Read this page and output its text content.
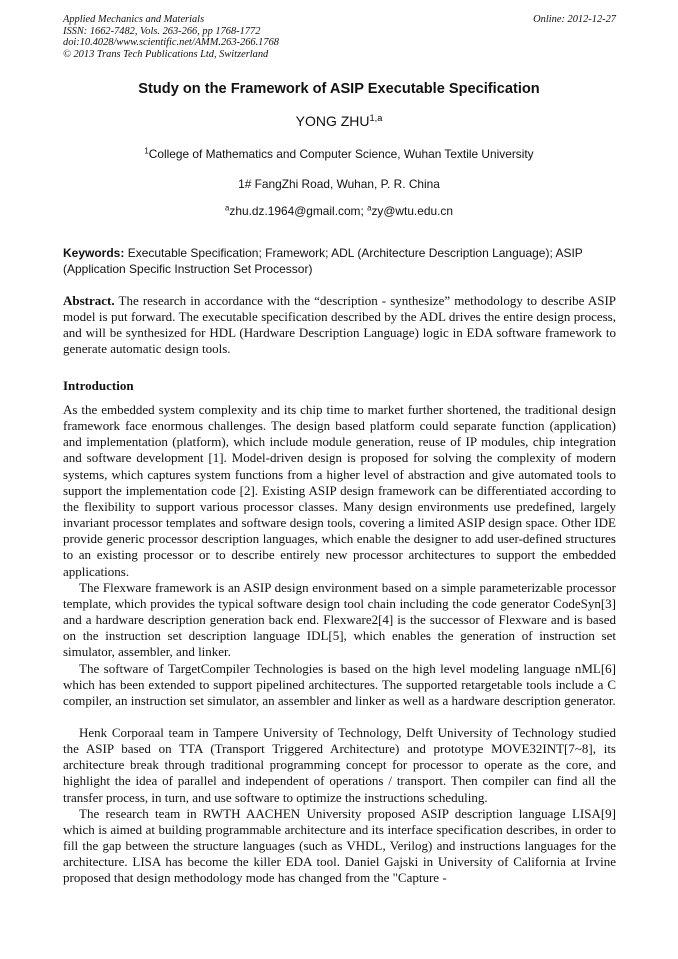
Applied Mechanics and Materials
ISSN: 1662-7482, Vols. 263-266, pp 1768-1772
doi:10.4028/www.scientific.net/AMM.263-266.1768
© 2013 Trans Tech Publications Ltd, Switzerland
Online: 2012-12-27
Study on the Framework of ASIP Executable Specification
YONG ZHU$^{1,a}$
$^1$College of Mathematics and Computer Science, Wuhan Textile University
1# FangZhi Road, Wuhan, P. R. China
$^a$zhu.dz.1964@gmail.com; $^a$zy@wtu.edu.cn
Keywords: Executable Specification; Framework; ADL (Architecture Description Language); ASIP (Application Specific Instruction Set Processor)

Abstract. The research in accordance with the “description - synthesize” methodology to describe ASIP model is put forward. The executable specification described by the ADL drives the entire design process, and will be synthesized for HDL (Hardware Description Language) logic in EDA software framework to generate automatic design tools.

Introduction

As the embedded system complexity and its chip time to market further shortened, the traditional design framework face enormous challenges. The design based platform could separate function (application) and implementation (platform), which include module generation, reuse of IP modules, chip integration and software development [1]. Model-driven design is proposed for solving the complexity of modern systems, which captures system functions from a higher level of abstraction and give automated tools to support the implementation code [2]. Existing ASIP design framework can be differentiated according to the flexibility to support various processor classes. Many design environments use predefined, largely invariant processor templates and software design tools, covering a limited ASIP design space. Other IDE provide generic processor description languages, which enable the designer to add user-defined structures to an existing processor or to describe entirely new processor architectures to support the embedded applications.

The Flexware framework is an ASIP design environment based on a simple parameterizable processor template, which provides the typical software design tool chain including the code generator CodeSyn[3] and a hardware description generation back end. Flexware2[4] is the successor of Flexware and is based on the instruction set description language IDL[5], which enables the generation of instruction set simulator, assembler, and linker.

The software of TargetCompiler Technologies is based on the high level modeling language nML[6] which has been extended to support pipelined architectures. The supported retargetable tools include a C compiler, an instruction set simulator, an assembler and linker as well as a hardware description generator.

Henk Corporaal team in Tampere University of Technology, Delft University of Technology studied the ASIP based on TTA (Transport Triggered Architecture) and prototype MOVE32INT[7~8], its architecture break through traditional programming concept for processor to operate as the core, and highlight the idea of parallel and independent of operations / transport. Then compiler can find all the transfer process, in turn, and use software to optimize the instructions scheduling.

The research team in RWTH AACHEN University proposed ASIP description language LISA[9] which is aimed at building programmable architecture and its interface specification describes, in order to fill the gap between the structure languages (such as VHDL, Verilog) and instructions languages for the architecture. LISA has become the killer EDA tool. Daniel Gajski in University of California at Irvine proposed that design methodology mode has changed from the "Capture -
